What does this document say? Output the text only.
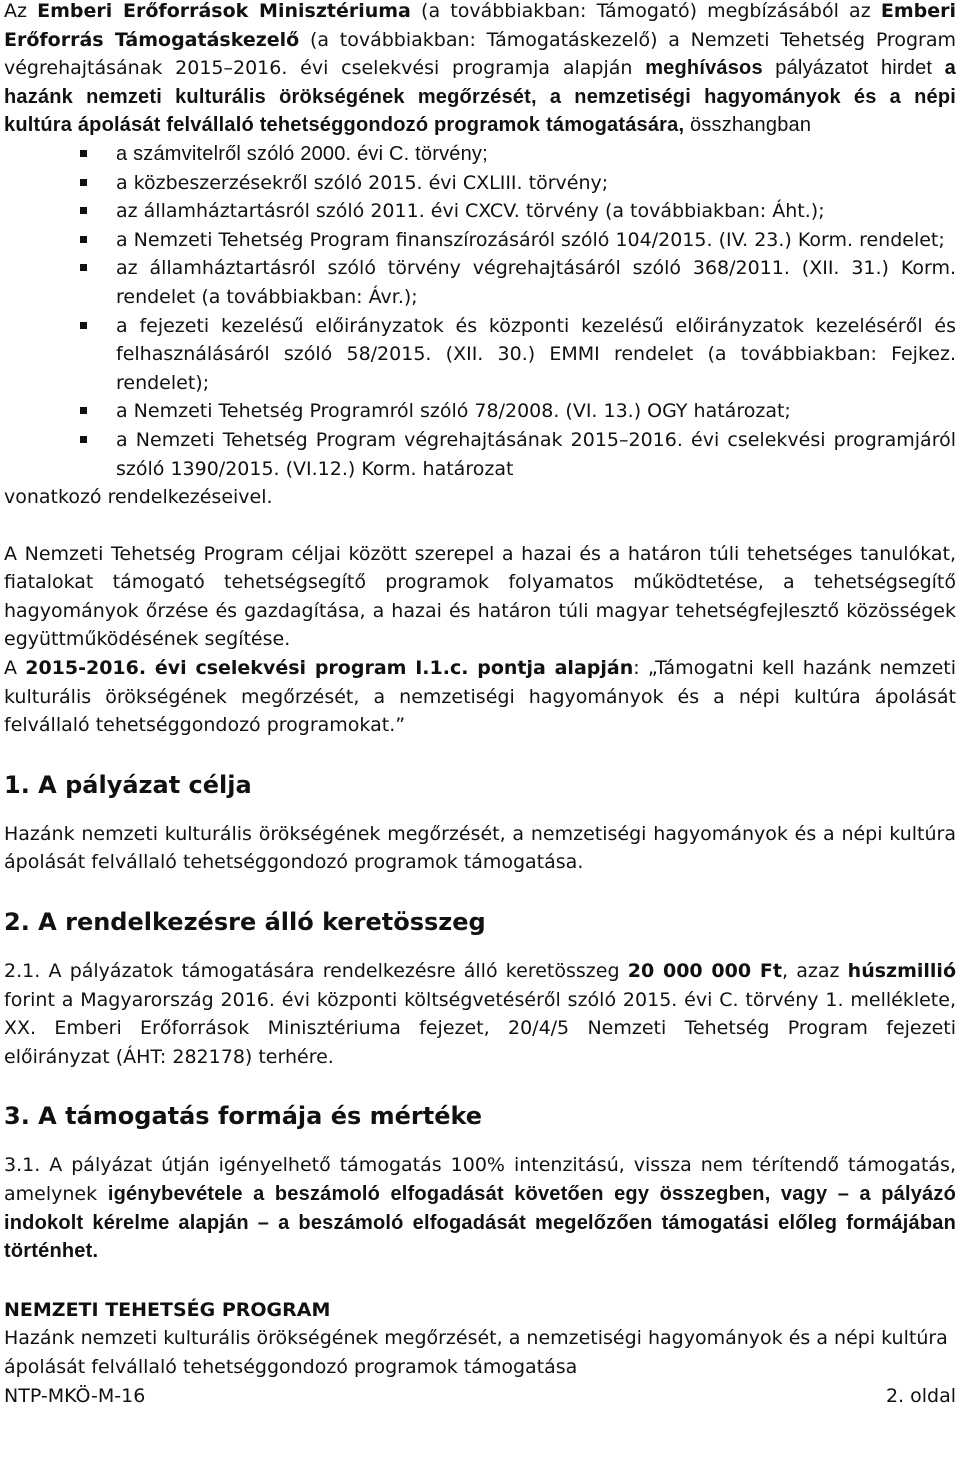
Az Emberi Erőforrások Minisztériuma (a továbbiakban: Támogató) megbízásából az Emberi Erőforrás Támogatáskezelő (a továbbiakban: Támogatáskezelő) a Nemzeti Tehetség Program végrehajtásának 2015–2016. évi cselekvési programja alapján meghívásos pályázatot hirdet a hazánk nemzeti kulturális örökségének megőrzését, a nemzetiségi hagyományok és a népi kultúra ápolását felvállaló tehetséggondozó programok támogatására, összhangban

a számvitelről szóló 2000. évi C. törvény;
a közbeszerzésekről szóló 2015. évi CXLIII. törvény;
az államháztartásról szóló 2011. évi CXCV. törvény (a továbbiakban: Áht.);
a Nemzeti Tehetség Program finanszírozásáról szóló 104/2015. (IV. 23.) Korm. rendelet;
az államháztartásról szóló törvény végrehajtásáról szóló 368/2011. (XII. 31.) Korm. rendelet (a továbbiakban: Ávr.);
a fejezeti kezelésű előirányzatok és központi kezelésű előirányzatok kezeléséről és felhasználásáról szóló 58/2015. (XII. 30.) EMMI rendelet (a továbbiakban: Fejkez. rendelet);
a Nemzeti Tehetség Programról szóló 78/2008. (VI. 13.) OGY határozat;
a Nemzeti Tehetség Program végrehajtásának 2015–2016. évi cselekvési programjáról szóló 1390/2015. (VI.12.) Korm. határozat

vonatkozó rendelkezéseivel.

A Nemzeti Tehetség Program céljai között szerepel a hazai és a határon túli tehetséges tanulókat, fiatalokat támogató tehetségsegítő programok folyamatos működtetése, a tehetségsegítő hagyományok őrzése és gazdagítása, a hazai és határon túli magyar tehetségfejlesztő közösségek együttműködésének segítése.

A 2015-2016. évi cselekvési program I.1.c. pontja alapján: „Támogatni kell hazánk nemzeti kulturális örökségének megőrzését, a nemzetiségi hagyományok és a népi kultúra ápolását felvállaló tehetséggondozó programokat.”

1. A pályázat célja

Hazánk nemzeti kulturális örökségének megőrzését, a nemzetiségi hagyományok és a népi kultúra ápolását felvállaló tehetséggondozó programok támogatása.

2. A rendelkezésre álló keretösszeg

2.1. A pályázatok támogatására rendelkezésre álló keretösszeg 20 000 000 Ft, azaz húszmillió forint a Magyarország 2016. évi központi költségvetéséről szóló 2015. évi C. törvény 1. melléklete, XX. Emberi Erőforrások Minisztériuma fejezet, 20/4/5 Nemzeti Tehetség Program fejezeti előirányzat (ÁHT: 282178) terhére.

3. A támogatás formája és mértéke

3.1. A pályázat útján igényelhető támogatás 100% intenzitású, vissza nem térítendő támogatás, amelynek igénybevétele a beszámoló elfogadását követően egy összegben, vagy – a pályázó indokolt kérelme alapján – a beszámoló elfogadását megelőzően támogatási előleg formájában történhet.

NEMZETI TEHETSÉG PROGRAM

Hazánk nemzeti kulturális örökségének megőrzését, a nemzetiségi hagyományok és a népi kultúra ápolását felvállaló tehetséggondozó programok támogatása

NTP-MKÖ-M-16	2. oldal
